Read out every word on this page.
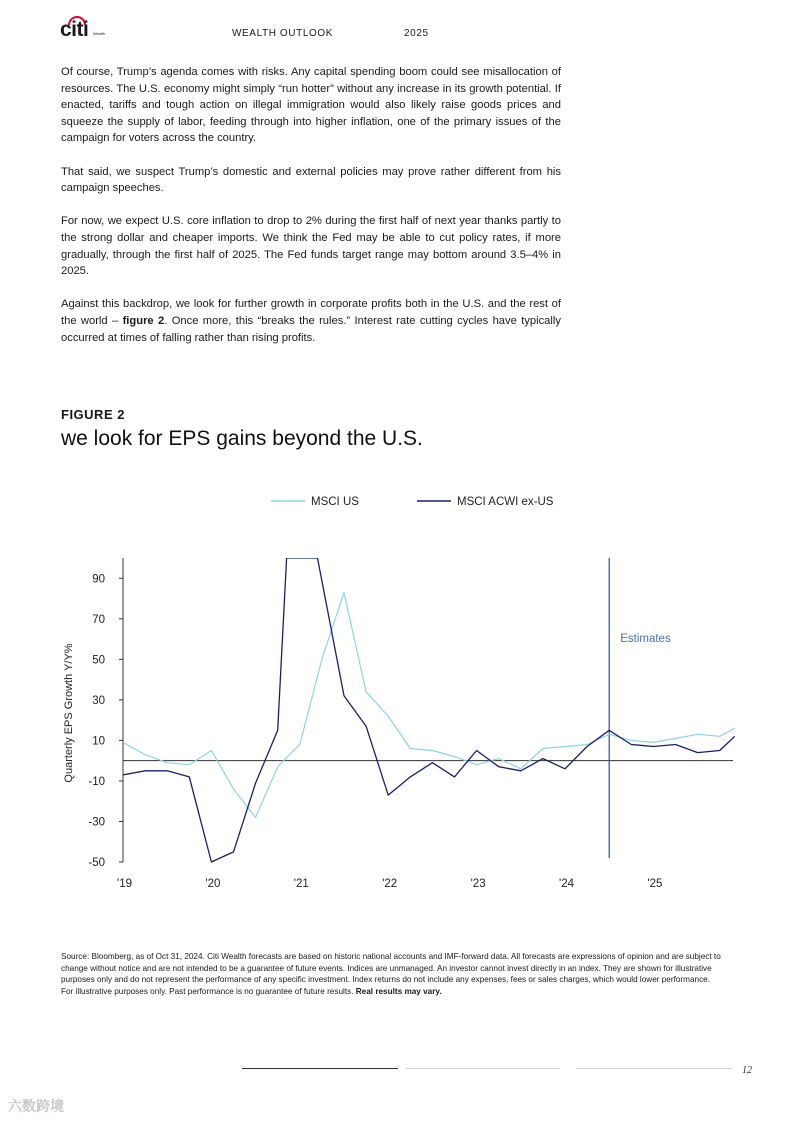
citi Wealth	WEALTH OUTLOOK	2025

Of course, Trump’s agenda comes with risks. Any capital spending boom could see misallocation of resources. The U.S. economy might simply “run hotter” without any increase in its growth potential. If enacted, tariffs and tough action on illegal immigration would also likely raise goods prices and squeeze the supply of labor, feeding through into higher inflation, one of the primary issues of the campaign for voters across the country.

That said, we suspect Trump’s domestic and external policies may prove rather different from his campaign speeches.

For now, we expect U.S. core inflation to drop to 2% during the first half of next year thanks partly to the strong dollar and cheaper imports. We think the Fed may be able to cut policy rates, if more gradually, through the first half of 2025. The Fed funds target range may bottom around 3.5–4% in 2025.

Against this backdrop, we look for further growth in corporate profits both in the U.S. and the rest of the world – figure 2. Once more, this “breaks the rules.” Interest rate cutting cycles have typically occurred at times of falling rather than rising profits.

FIGURE 2
we look for EPS gains beyond the U.S.
MSCI US	MSCI ACWI ex-US
90
70
50
30
10
-10
-30
-50
Quarterly EPS Growth Y/Y%
'19	'20	'21	'22	'23	'24	'25
Estimates
Source: Bloomberg, as of Oct 31, 2024. Citi Wealth forecasts are based on historic national accounts and IMF-forward data. All forecasts are expressions of opinion and are subject to change without notice and are not intended to be a guarantee of future events. Indices are unmanaged. An investor cannot invest directly in an index. They are shown for illustrative purposes only and do not represent the performance of any specific investment. Index returns do not include any expenses, fees or sales charges, which would lower performance. For illustrative purposes only. Past performance is no guarantee of future results. Real results may vary.
12
六数跨境
